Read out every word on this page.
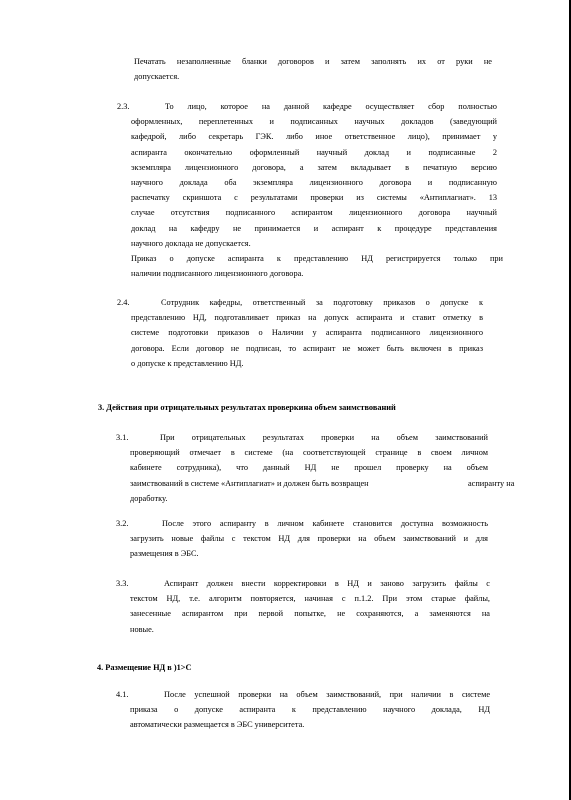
Печатать незаполненные бланки договоров и затем заполнять их от руки не
допускается.
2.3.	То лицо, которое на данной кафедре осуществляет сбор полностью
оформленных, переплетенных и подписанных научных докладов (заведующий
кафедрой, либо секретарь ГЭК. либо иное ответственное лицо), принимает у
аспиранта окончательно оформленный научный доклад и подписанные 2
экземпляра лицензионного договора, а затем вкладывает в печатную версию
научного доклада оба экземпляра лицензионного договора и подписанную
распечатку скриншота с результатами проверки из системы «Антиплагиат». 13
случае отсутствия подписанного аспирантом лицензионного договора научный
доклад на кафедру не принимается и аспирант к процедуре представления
научного доклада не допускается.
Приказ о допуске аспиранта к представлению НД регистрируется только при
наличии подписанного лицензионного договора.
2.4.	Сотрудник кафедры, ответственный за подготовку приказов о допуске к
представлению НД, подготавливает приказ на допуск аспиранта и ставит отметку в
системе подготовки приказов о Наличии у аспиранта подписанного лицензионного
договора. Если договор не подписан, то аспирант не может быть включен в приказ
о допуске к представлению НД.
3. Действия при отрицательных результатах проверкина объем заимствований
3.1.	При отрицательных результатах проверки на объем заимствований
проверяющий отмечает в системе (на соответствующей странице в своем личном
кабинете сотрудника), что данный НД не прошел проверку на объем
заимствований в системе «Антиплагиат» и должен быть возвращен
доработку.
аспиранту на
3.2.	После этого аспиранту в личном кабинете становится доступна возможность
загрузить новые файлы с текстом НД для проверки на объем заимствований и для
размещения в ЭБС.
3.3.	Аспирант должен внести корректировки в НД и заново загрузить файлы с
текстом НД, т.е. алгоритм повторяется, начиная с п.1.2. При этом старые файлы,
занесенные аспирантом при первой попытке, не сохраняются, а заменяются на
новые.
4. Размещение НД в )1>С
4.1.	После успешной проверки на объем заимствований, при наличии в системе
приказа о допуске аспиранта к представлению научного доклада, НД
автоматически размещается в ЭБС университета.
